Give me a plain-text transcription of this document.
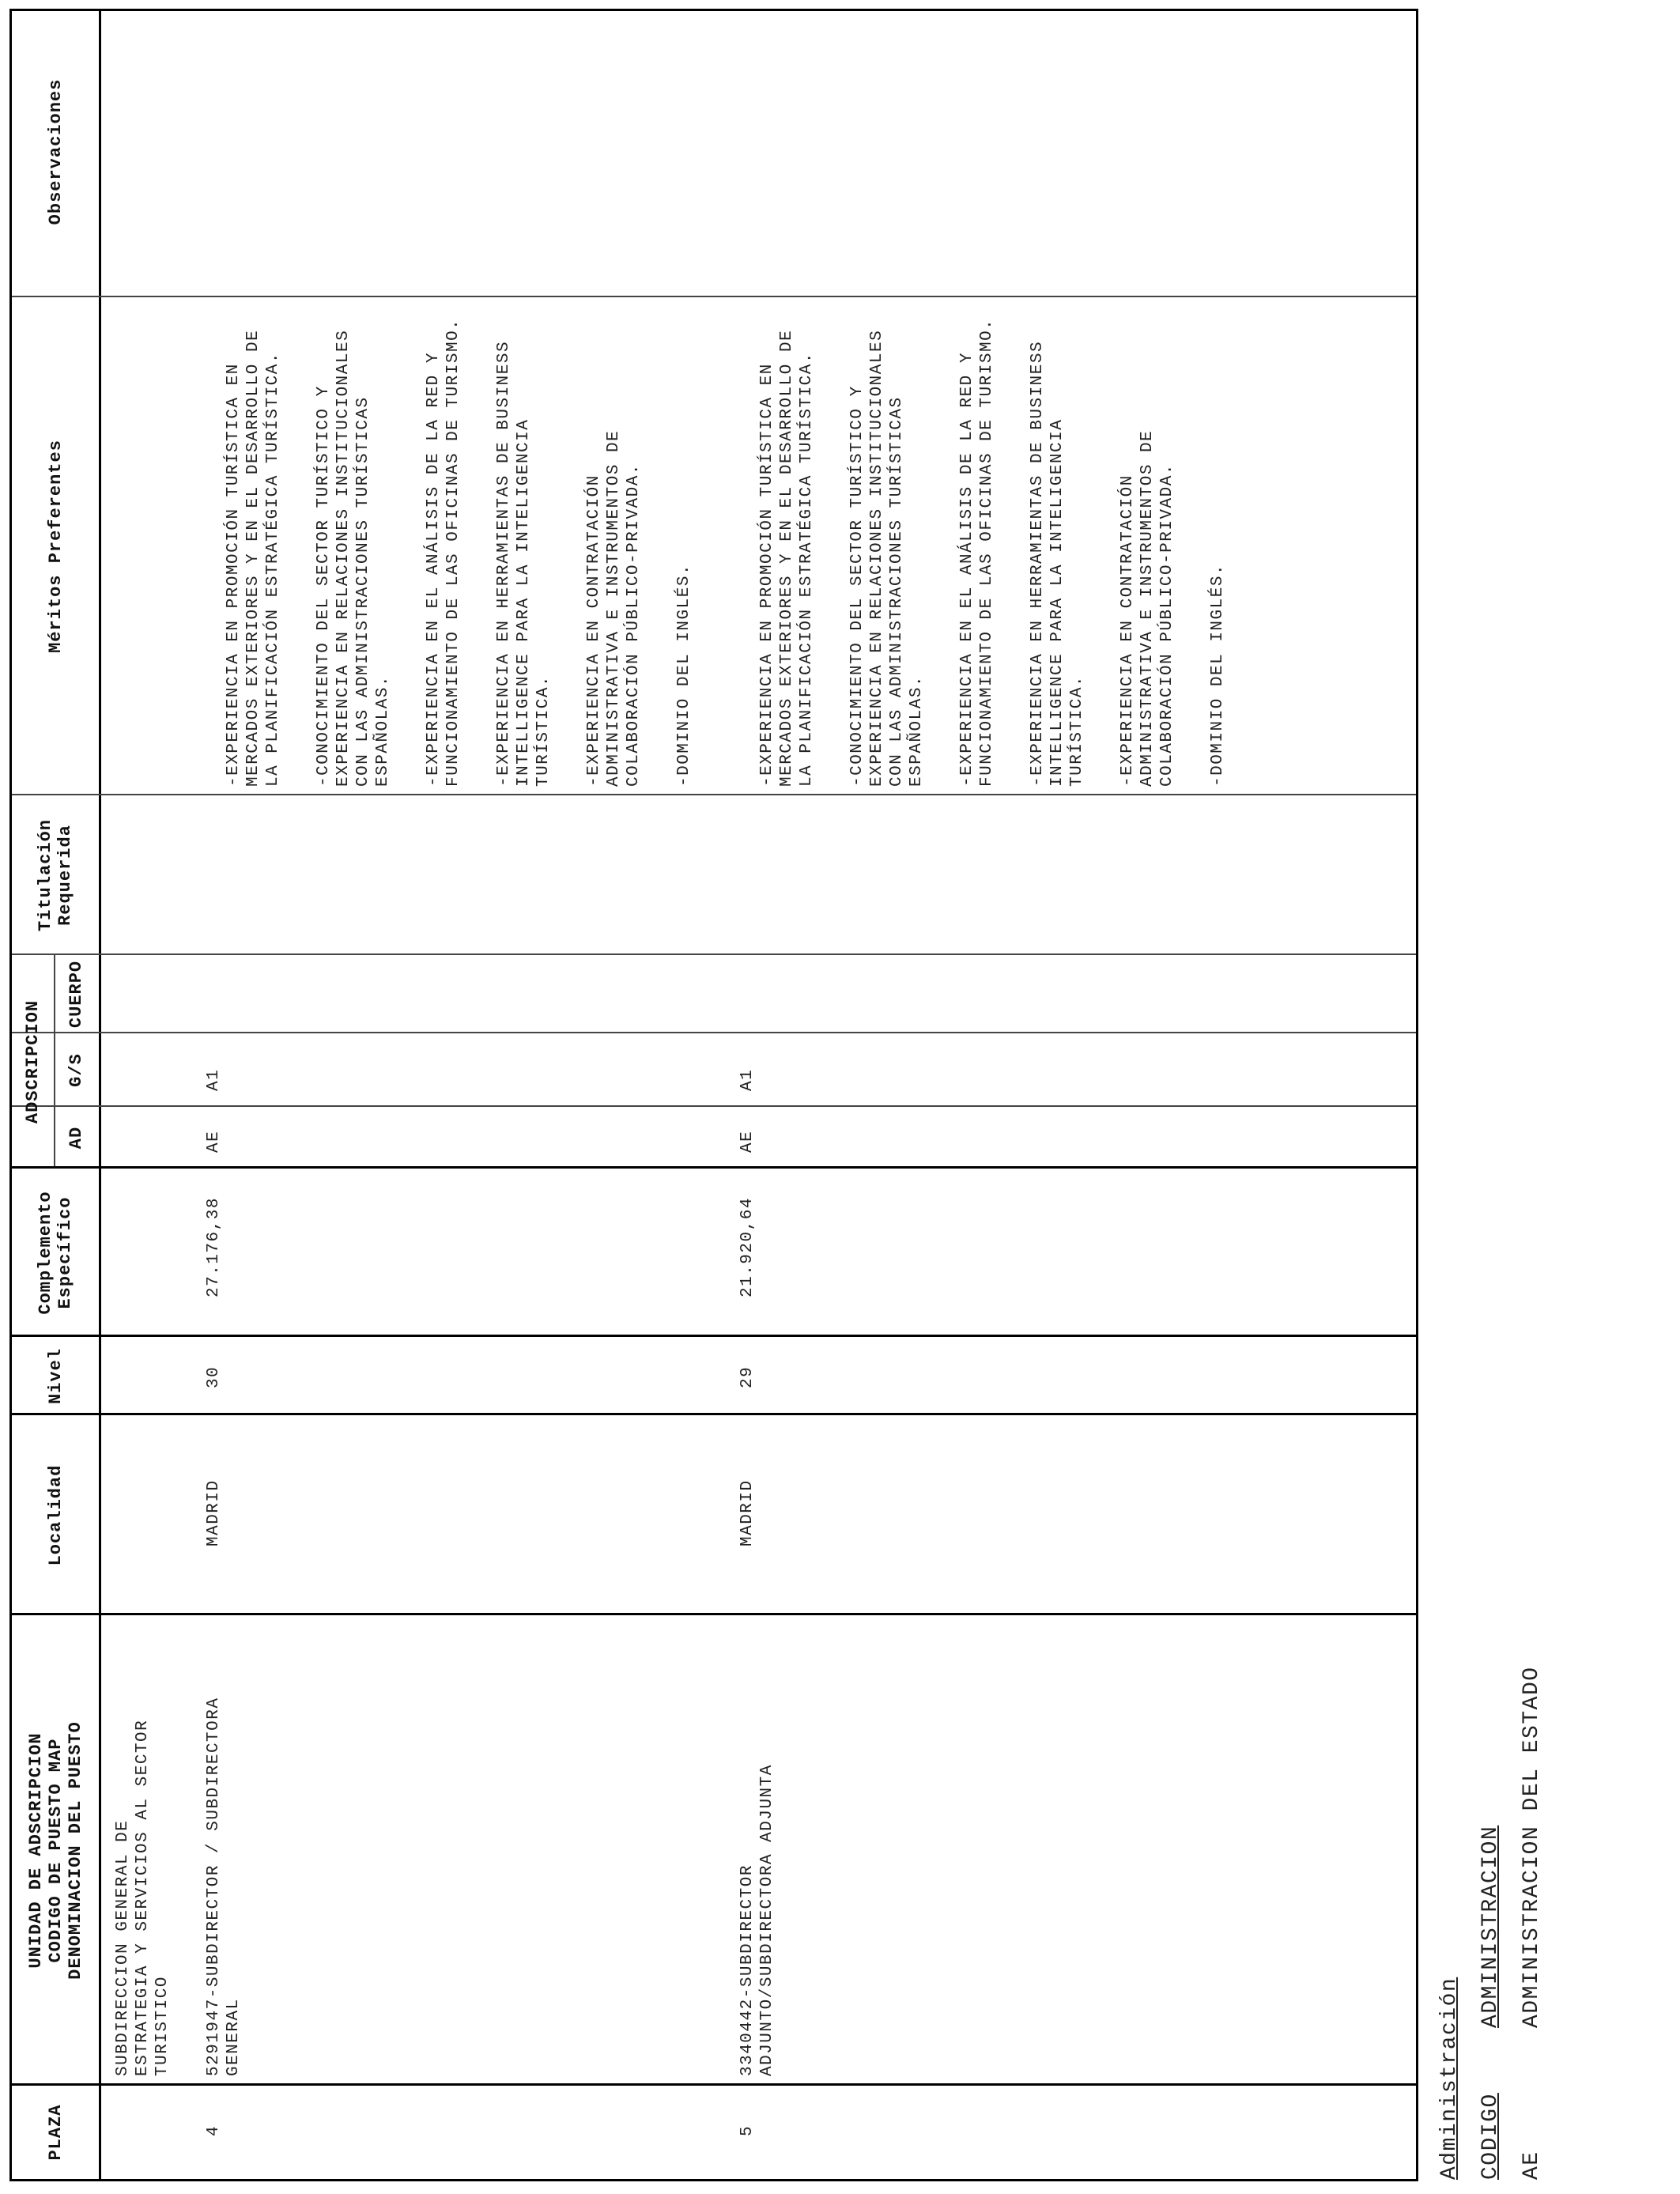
PLAZA
UNIDAD DE ADSCRIPCION
CODIGO DE PUESTO MAP
DENOMINACION DEL PUESTO
Localidad
Nivel
Complemento
Específico
ADSCRIPCION
AD
G/S
CUERPO
Titulación
Requerida
Méritos Preferentes
Observaciones
SUBDIRECCION GENERAL DE
ESTRATEGIA Y SERVICIOS AL SECTOR
TURISTICO
4
5291947-SUBDIRECTOR / SUBDIRECTORA
GENERAL
MADRID
30
27.176,38
AE
A1

-EXPERIENCIA EN PROMOCIÓN TURÍSTICA EN MERCADOS EXTERIORES Y EN EL DESARROLLO DE LA PLANIFICACIÓN ESTRATÉGICA TURÍSTICA. -CONOCIMIENTO DEL SECTOR TURÍSTICO Y EXPERIENCIA EN RELACIONES INSTITUCIONALES CON LAS ADMINISTRACIONES TURÍSTICAS ESPAÑOLAS. -EXPERIENCIA EN EL ANÁLISIS DE LA RED Y FUNCIONAMIENTO DE LAS OFICINAS DE TURISMO. -EXPERIENCIA EN HERRAMIENTAS DE BUSINESS INTELLIGENCE PARA LA INTELIGENCIA TURÍSTICA. -EXPERIENCIA EN CONTRATACIÓN ADMINISTRATIVA E INSTRUMENTOS DE COLABORACIÓN PÚBLICO-PRIVADA. -DOMINIO DEL INGLÉS.

5
3340442-SUBDIRECTOR
ADJUNTO/SUBDIRECTORA ADJUNTA
MADRID
29
21.920,64
AE
A1

-EXPERIENCIA EN PROMOCIÓN TURÍSTICA EN MERCADOS EXTERIORES Y EN EL DESARROLLO DE LA PLANIFICACIÓN ESTRATÉGICA TURÍSTICA. -CONOCIMIENTO DEL SECTOR TURÍSTICO Y EXPERIENCIA EN RELACIONES INSTITUCIONALES CON LAS ADMINISTRACIONES TURÍSTICAS ESPAÑOLAS. -EXPERIENCIA EN EL ANÁLISIS DE LA RED Y FUNCIONAMIENTO DE LAS OFICINAS DE TURISMO. -EXPERIENCIA EN HERRAMIENTAS DE BUSINESS INTELLIGENCE PARA LA INTELIGENCIA TURÍSTICA. -EXPERIENCIA EN CONTRATACIÓN ADMINISTRATIVA E INSTRUMENTOS DE COLABORACIÓN PÚBLICO-PRIVADA. -DOMINIO DEL INGLÉS.

Administración CODIGO
ADMINISTRACION
AE
ADMINISTRACION DEL ESTADO
